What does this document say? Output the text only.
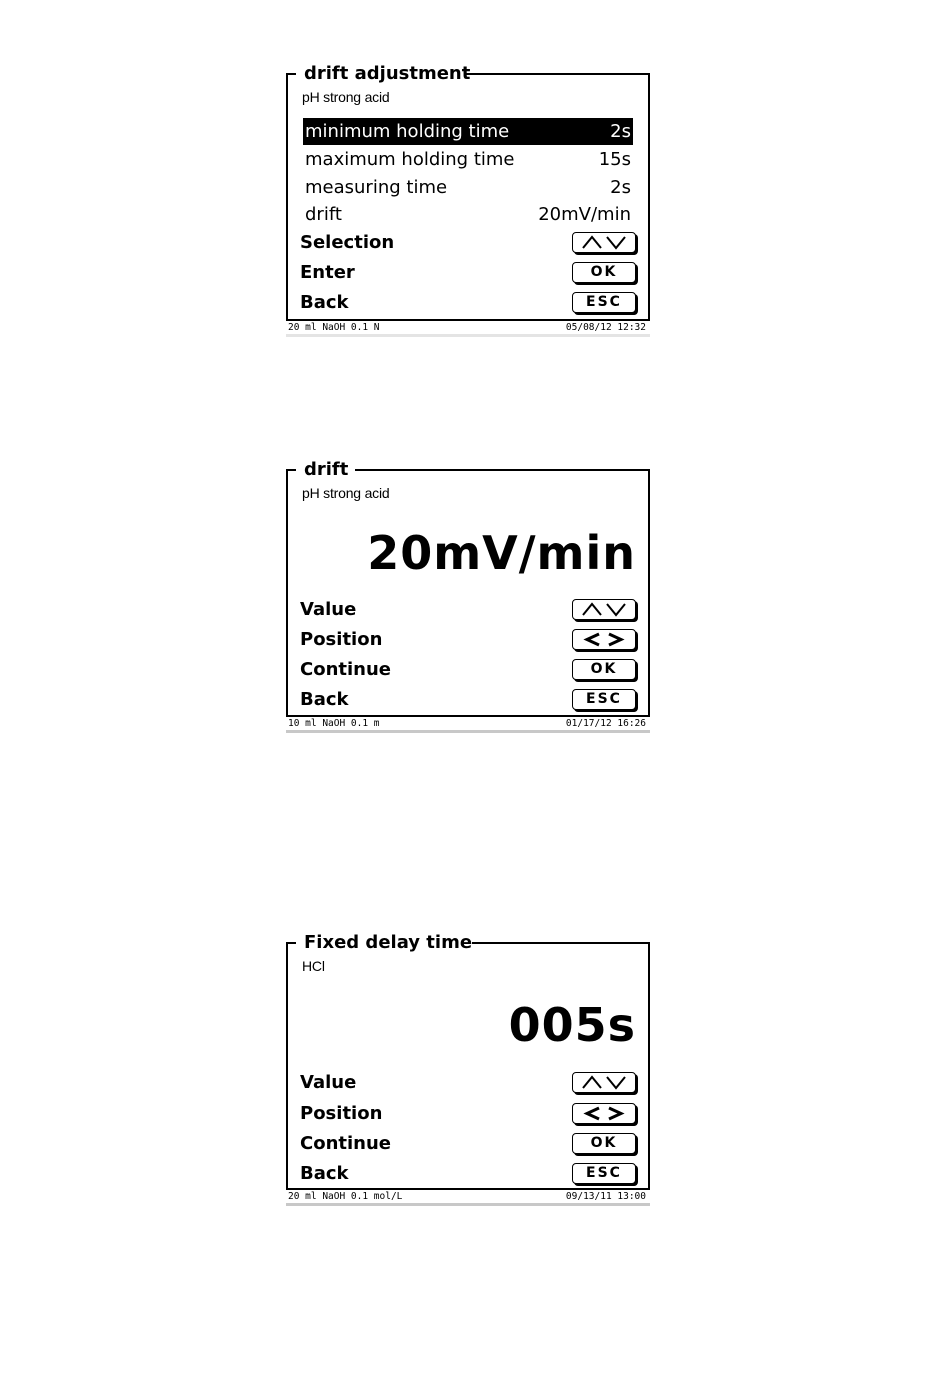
drift adjustment
pH strong acid
minimum holding time	2s
maximum holding time	15s
measuring time	2s
drift	20mV/min
Selection
Enter	OK
Back	ESC
20 ml NaOH 0.1 N	05/08/12 12:32
drift
pH strong acid
20mV/min
Value
Position
Continue	OK
Back	ESC
10 ml NaOH 0.1 m	01/17/12 16:26
Fixed delay time
HCl
005s
Value
Position
Continue	OK
Back	ESC
20 ml NaOH 0.1 mol/L	09/13/11 13:00
